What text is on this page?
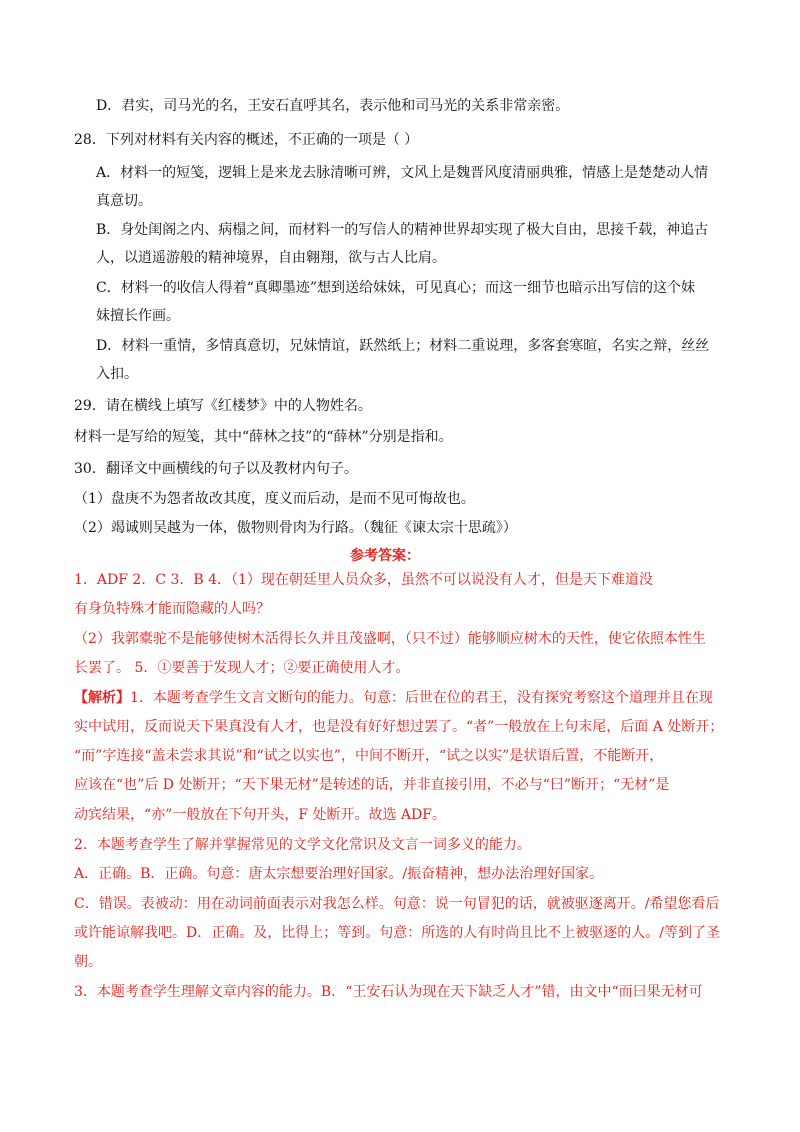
D．君实，司马光的名，王安石直呼其名，表示他和司马光的关系非常亲密。
28．下列对材料有关内容的概述，不正确的一项是（ ）
A．材料一的短笺，逻辑上是来龙去脉清晰可辨，文风上是魏晋风度清丽典雅，情感上是楚楚动人情
真意切。
B．身处闺阁之内、病榻之间，而材料一的写信人的精神世界却实现了极大自由，思接千载，神追古
人，以逍遥游般的精神境界，自由翱翔，欲与古人比肩。
C．材料一的收信人得着“真卿墨迹”想到送给妹妹，可见真心；而这一细节也暗示出写信的这个妹
妹擅长作画。
D．材料一重情，多情真意切，兄妹情谊，跃然纸上；材料二重说理，多客套寒暄，名实之辩，丝丝
入扣。
29．请在横线上填写《红楼梦》中的人物姓名。
材料一是写给的短笺，其中“薛林之技”的“薛林”分别是指和。
30．翻译文中画横线的句子以及教材内句子。
（1）盘庚不为怨者故改其度，度义而后动，是而不见可悔故也。
（2）竭诚则吴越为一体，傲物则骨肉为行路。（魏征《谏太宗十思疏》）
参考答案：
1．ADF 2．C 3．B 4．（1）现在朝廷里人员众多，虽然不可以说没有人才，但是天下难道没
有身负特殊才能而隐藏的人吗？
（2）我郭橐驼不是能够使树木活得长久并且茂盛啊，（只不过）能够顺应树木的天性，使它依照本性生
长罢了。 5．①要善于发现人才；②要正确使用人才。
【解析】1．本题考查学生文言文断句的能力。句意：后世在位的君王，没有探究考察这个道理并且在现
实中试用，反而说天下果真没有人才，也是没有好好想过罢了。“者”一般放在上句末尾，后面 A 处断开；
“而”字连接“盖未尝求其说”和“试之以实也”，中间不断开，“试之以实”是状语后置，不能断开，
应该在“也”后 D 处断开；“天下果无材”是转述的话，并非直接引用，不必与“曰”断开；“无材”是
动宾结果，“亦”一般放在下句开头，F 处断开。故选 ADF。
2．本题考查学生了解并掌握常见的文学文化常识及文言一词多义的能力。
A．正确。B．正确。句意：唐太宗想要治理好国家。/振奋精神，想办法治理好国家。
C．错误。表被动：用在动词前面表示对我怎么样。句意：说一句冒犯的话，就被驱逐离开。/希望您看后
或许能谅解我吧。D．正确。及，比得上；等到。句意：所选的人有时尚且比不上被驱逐的人。/等到了圣
朝。
3．本题考查学生理解文章内容的能力。B．“王安石认为现在天下缺乏人才”错，由文中“而曰果无材可
